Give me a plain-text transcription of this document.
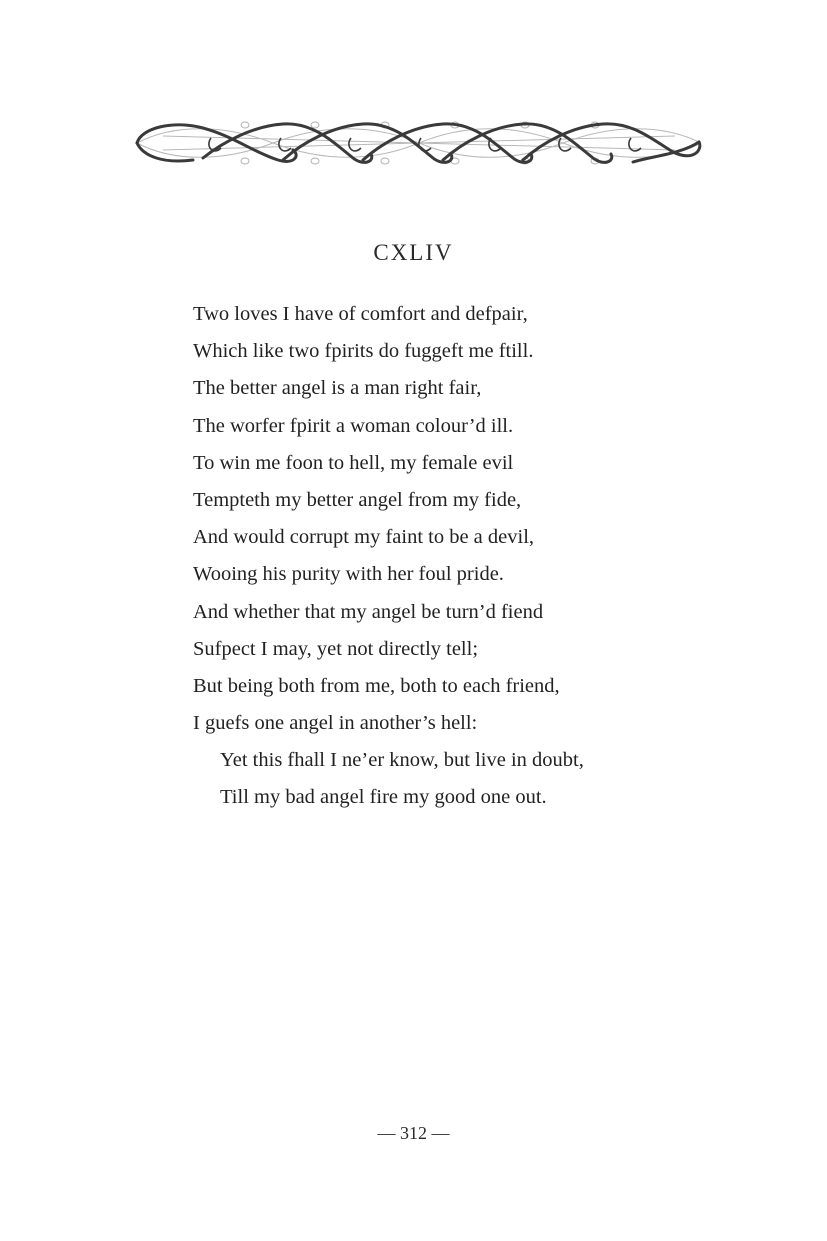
CXLIV
Two loves I have of comfort and defpair,
Which like two fpirits do fuggeft me ftill.
The better angel is a man right fair,
The worfer fpirit a woman colour’d ill.
To win me foon to hell, my female evil
Tempteth my better angel from my fide,
And would corrupt my faint to be a devil,
Wooing his purity with her foul pride.
And whether that my angel be turn’d fiend
Sufpect I may, yet not directly tell;
But being both from me, both to each friend,
I guefs one angel in another’s hell:
Yet this fhall I ne’er know, but live in doubt,
Till my bad angel fire my good one out.
— 312 —
